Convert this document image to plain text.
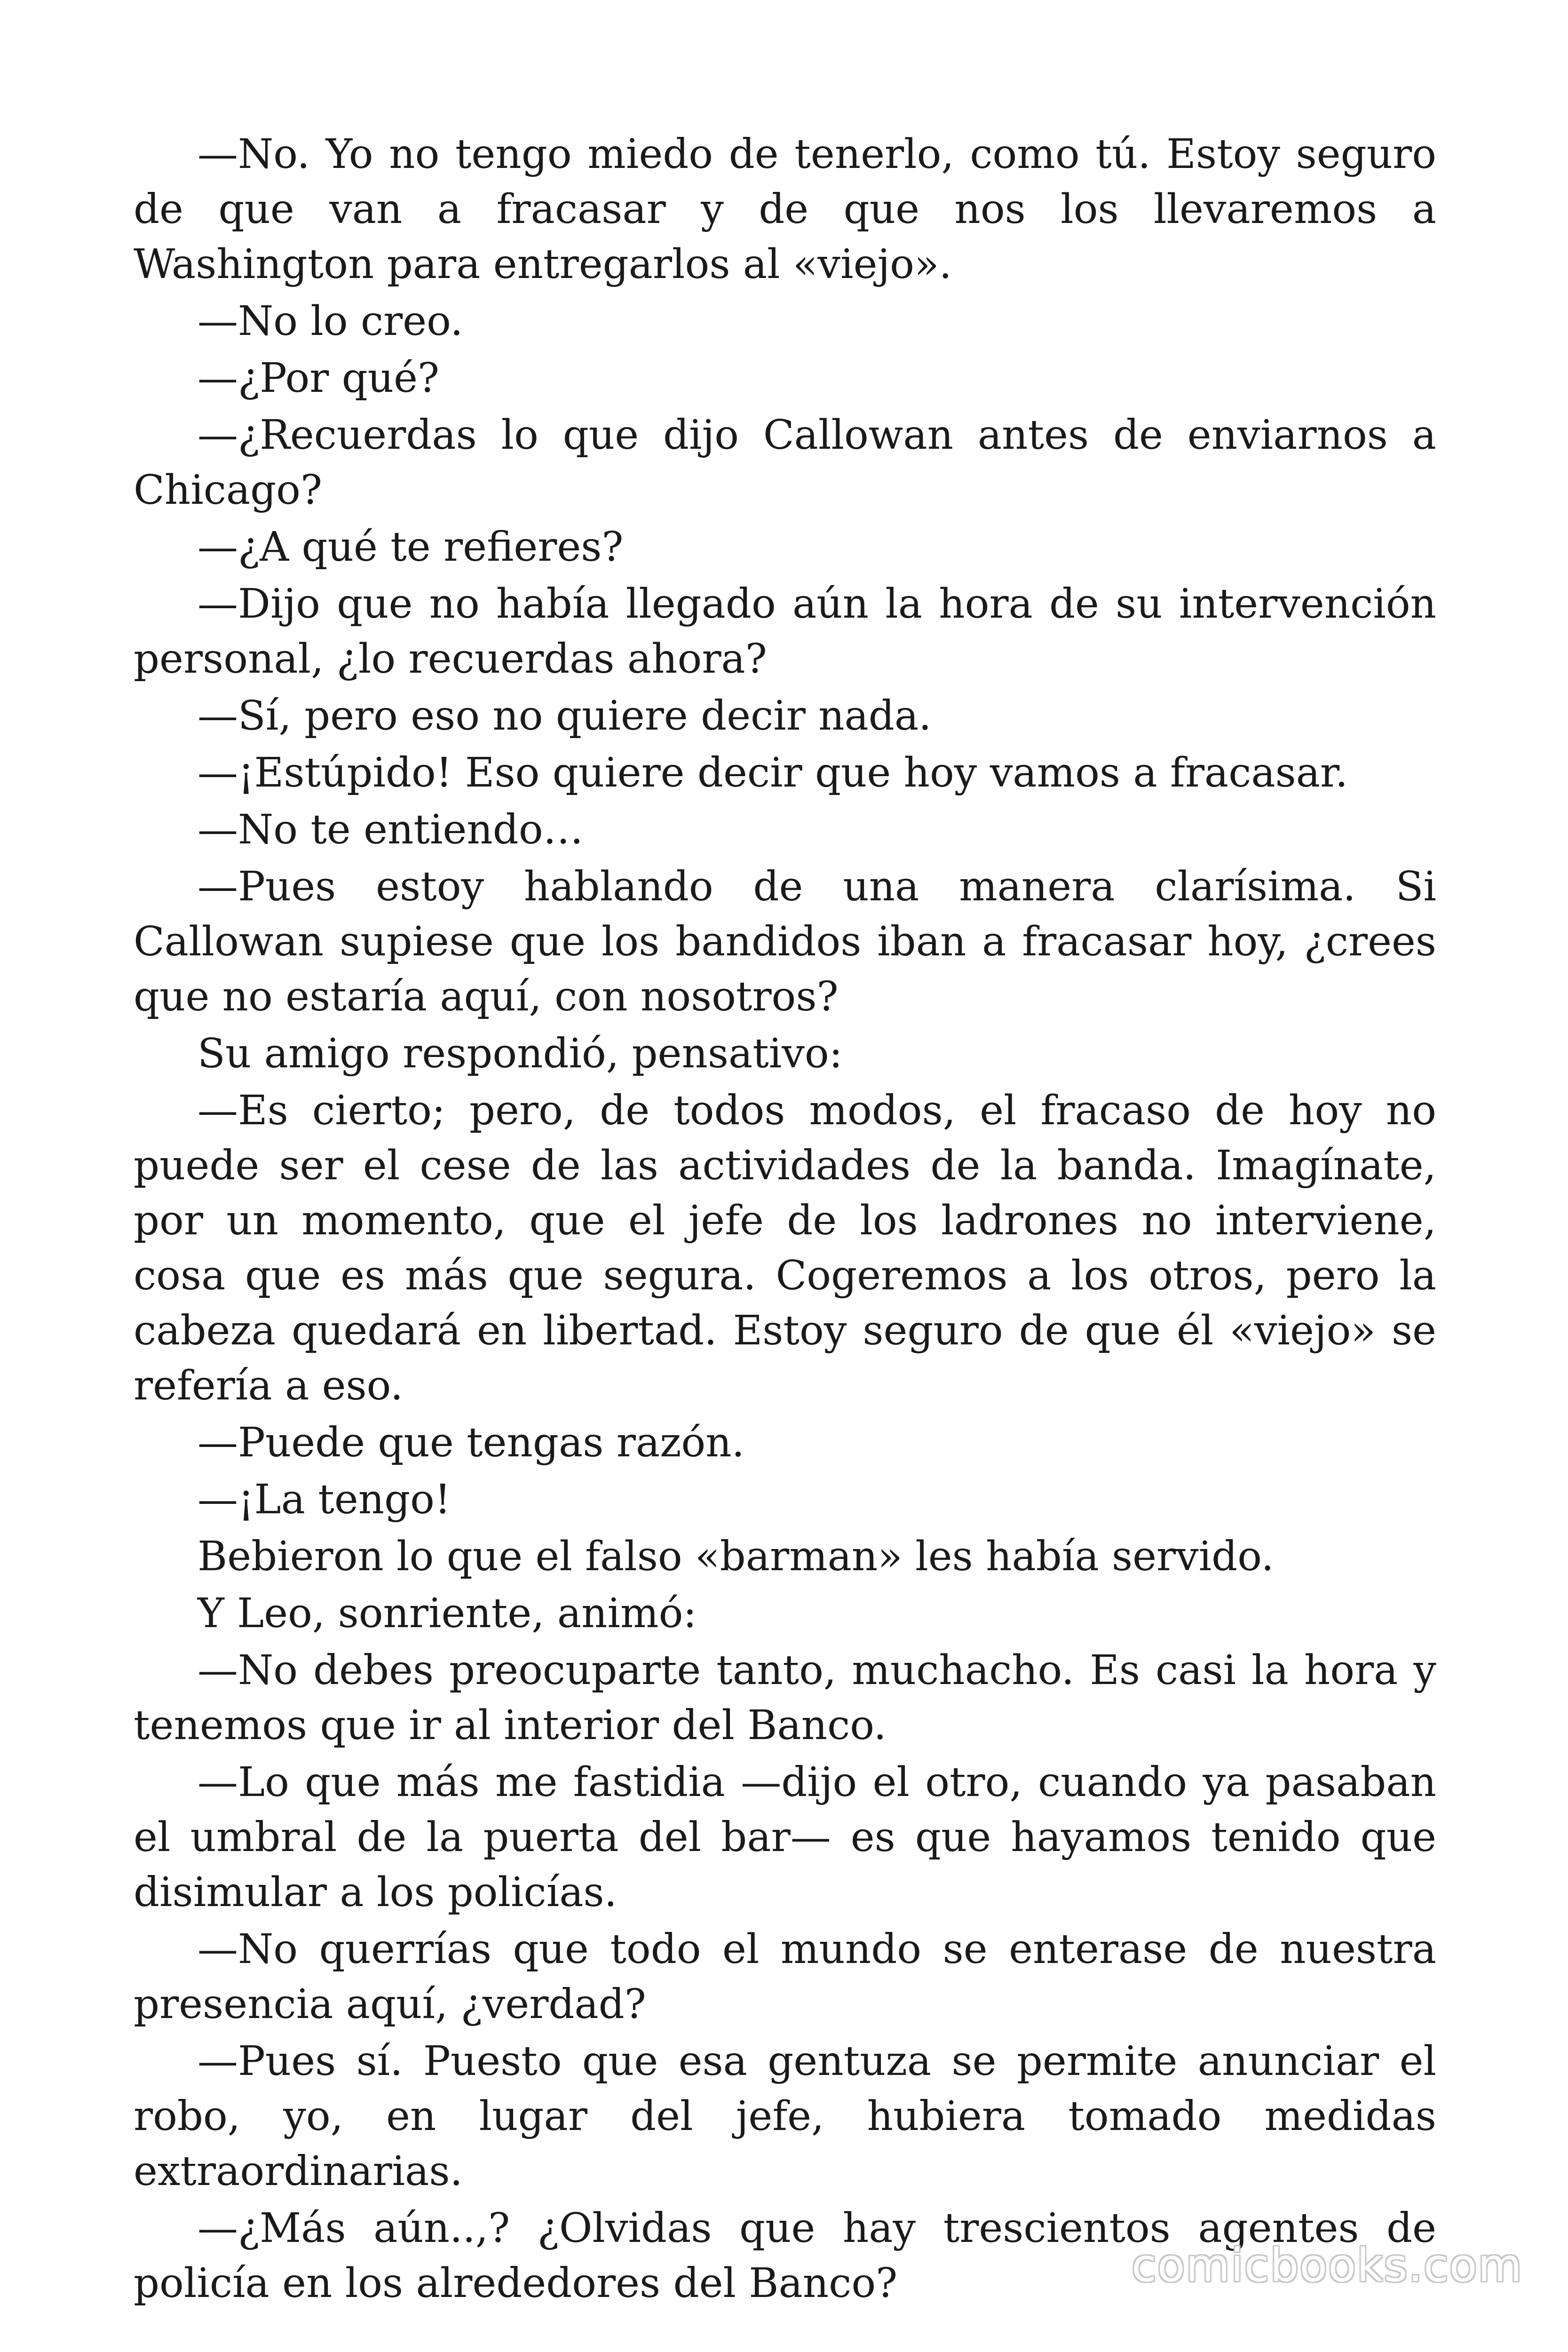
—No. Yo no tengo miedo de tenerlo, como tú. Estoy seguro de que van a fracasar y de que nos los llevaremos a Washington para entregarlos al «viejo».

—No lo creo.

—¿Por qué?

—¿Recuerdas lo que dijo Callowan antes de enviarnos a Chicago?

—¿A qué te refieres?

—Dijo que no había llegado aún la hora de su intervención personal, ¿lo recuerdas ahora?

—Sí, pero eso no quiere decir nada.

—¡Estúpido! Eso quiere decir que hoy vamos a fracasar.

—No te entiendo…

—Pues estoy hablando de una manera clarísima. Si Callowan supiese que los bandidos iban a fracasar hoy, ¿crees que no estaría aquí, con nosotros?

Su amigo respondió, pensativo:

—Es cierto; pero, de todos modos, el fracaso de hoy no puede ser el cese de las actividades de la banda. Imagínate, por un momento, que el jefe de los ladrones no interviene, cosa que es más que segura. Cogeremos a los otros, pero la cabeza quedará en libertad. Estoy seguro de que él «viejo» se refería a eso.

—Puede que tengas razón.

—¡La tengo!

Bebieron lo que el falso «barman» les había servido.

Y Leo, sonriente, animó:

—No debes preocuparte tanto, muchacho. Es casi la hora y tenemos que ir al interior del Banco.

—Lo que más me fastidia —dijo el otro, cuando ya pasaban el umbral de la puerta del bar— es que hayamos tenido que disimular a los policías.

—No querrías que todo el mundo se enterase de nuestra presencia aquí, ¿verdad?

—Pues sí. Puesto que esa gentuza se permite anunciar el robo, yo, en lugar del jefe, hubiera tomado medidas extraordinarias.

—¿Más aún..,? ¿Olvidas que hay trescientos agentes de policía en los alrededores del Banco?	comicbooks.com
